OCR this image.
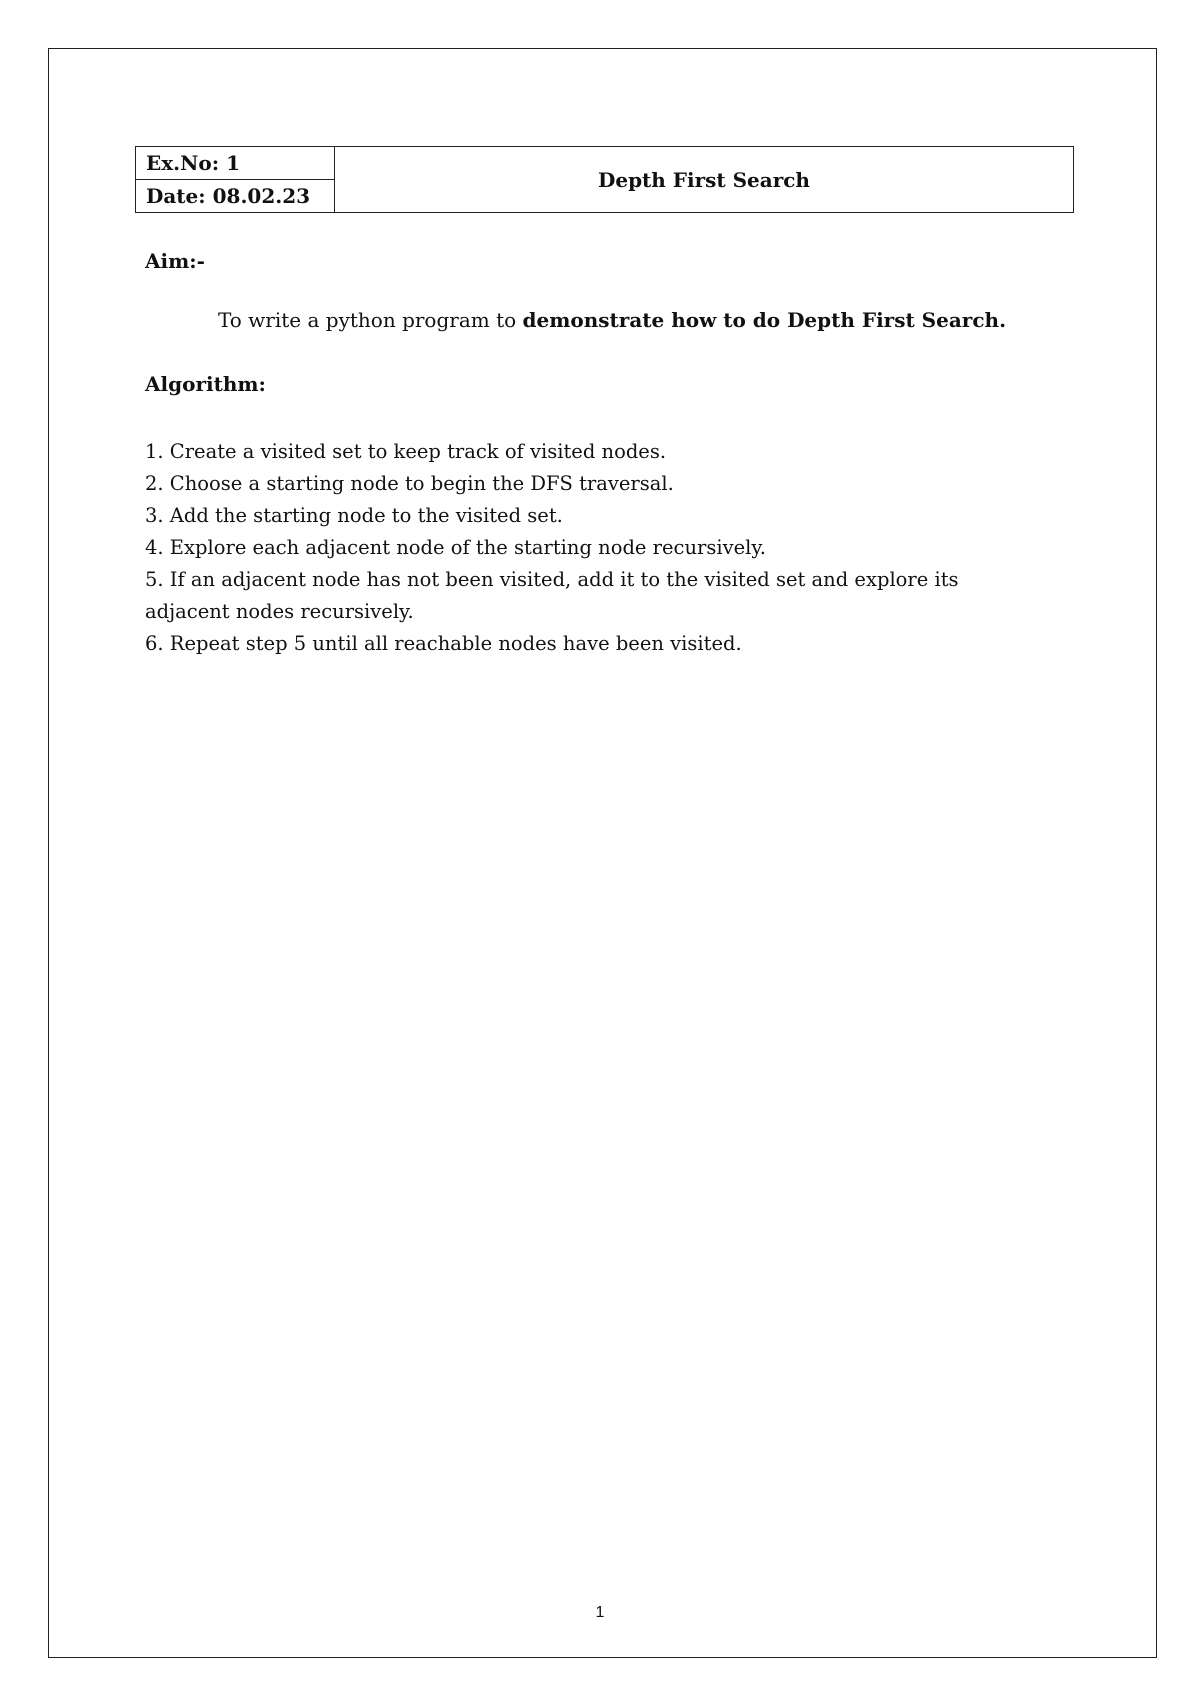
Ex.No: 1	Depth First Search
Date: 08.02.23
Aim:-
To write a python program to demonstrate how to do Depth First Search.
Algorithm:
1. Create a visited set to keep track of visited nodes.
2. Choose a starting node to begin the DFS traversal.
3. Add the starting node to the visited set.
4. Explore each adjacent node of the starting node recursively.
5. If an adjacent node has not been visited, add it to the visited set and explore its adjacent nodes recursively.
6. Repeat step 5 until all reachable nodes have been visited.
1
